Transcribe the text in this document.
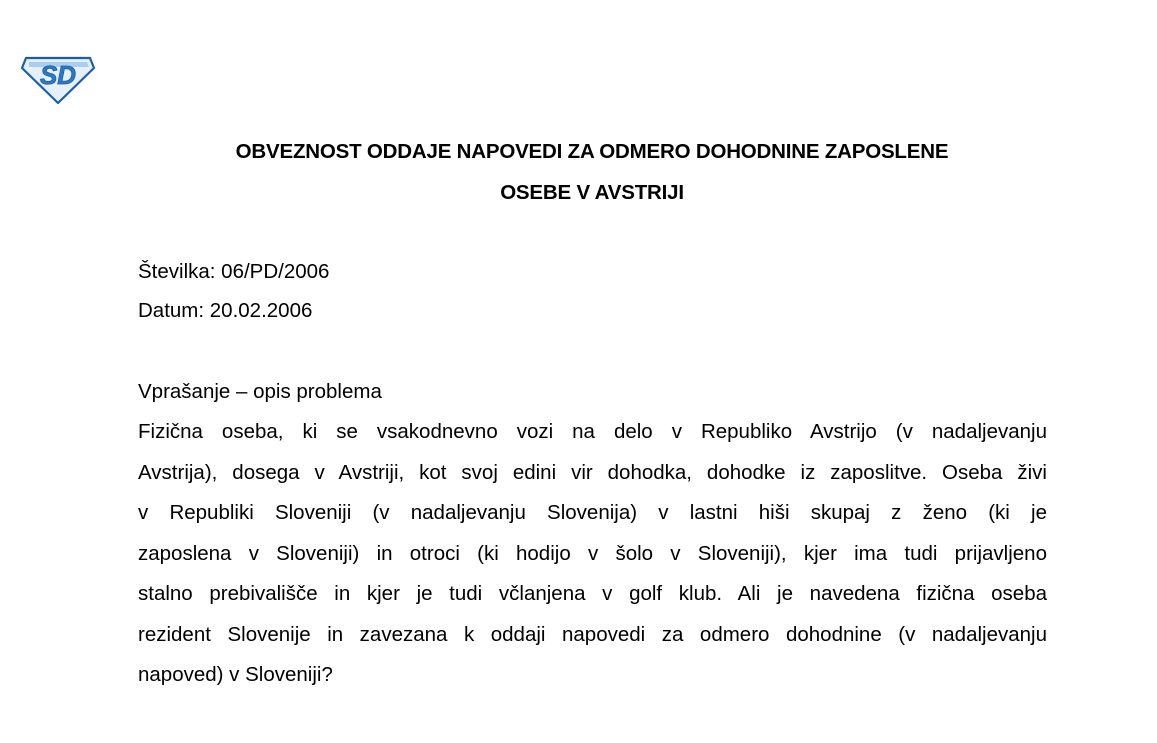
SD
OBVEZNOST ODDAJE NAPOVEDI ZA ODMERO DOHODNINE ZAPOSLENE
OSEBE V AVSTRIJI
Številka: 06/PD/2006
Datum: 20.02.2006
Vprašanje – opis problema
Fizična oseba, ki se vsakodnevno vozi na delo v Republiko Avstrijo (v nadaljevanju
Avstrija), dosega v Avstriji, kot svoj edini vir dohodka, dohodke iz zaposlitve. Oseba živi
v Republiki Sloveniji (v nadaljevanju Slovenija) v lastni hiši skupaj z ženo (ki je
zaposlena v Sloveniji) in otroci (ki hodijo v šolo v Sloveniji), kjer ima tudi prijavljeno
stalno prebivališče in kjer je tudi včlanjena v golf klub. Ali je navedena fizična oseba
rezident Slovenije in zavezana k oddaji napovedi za odmero dohodnine (v nadaljevanju
napoved) v Sloveniji?
